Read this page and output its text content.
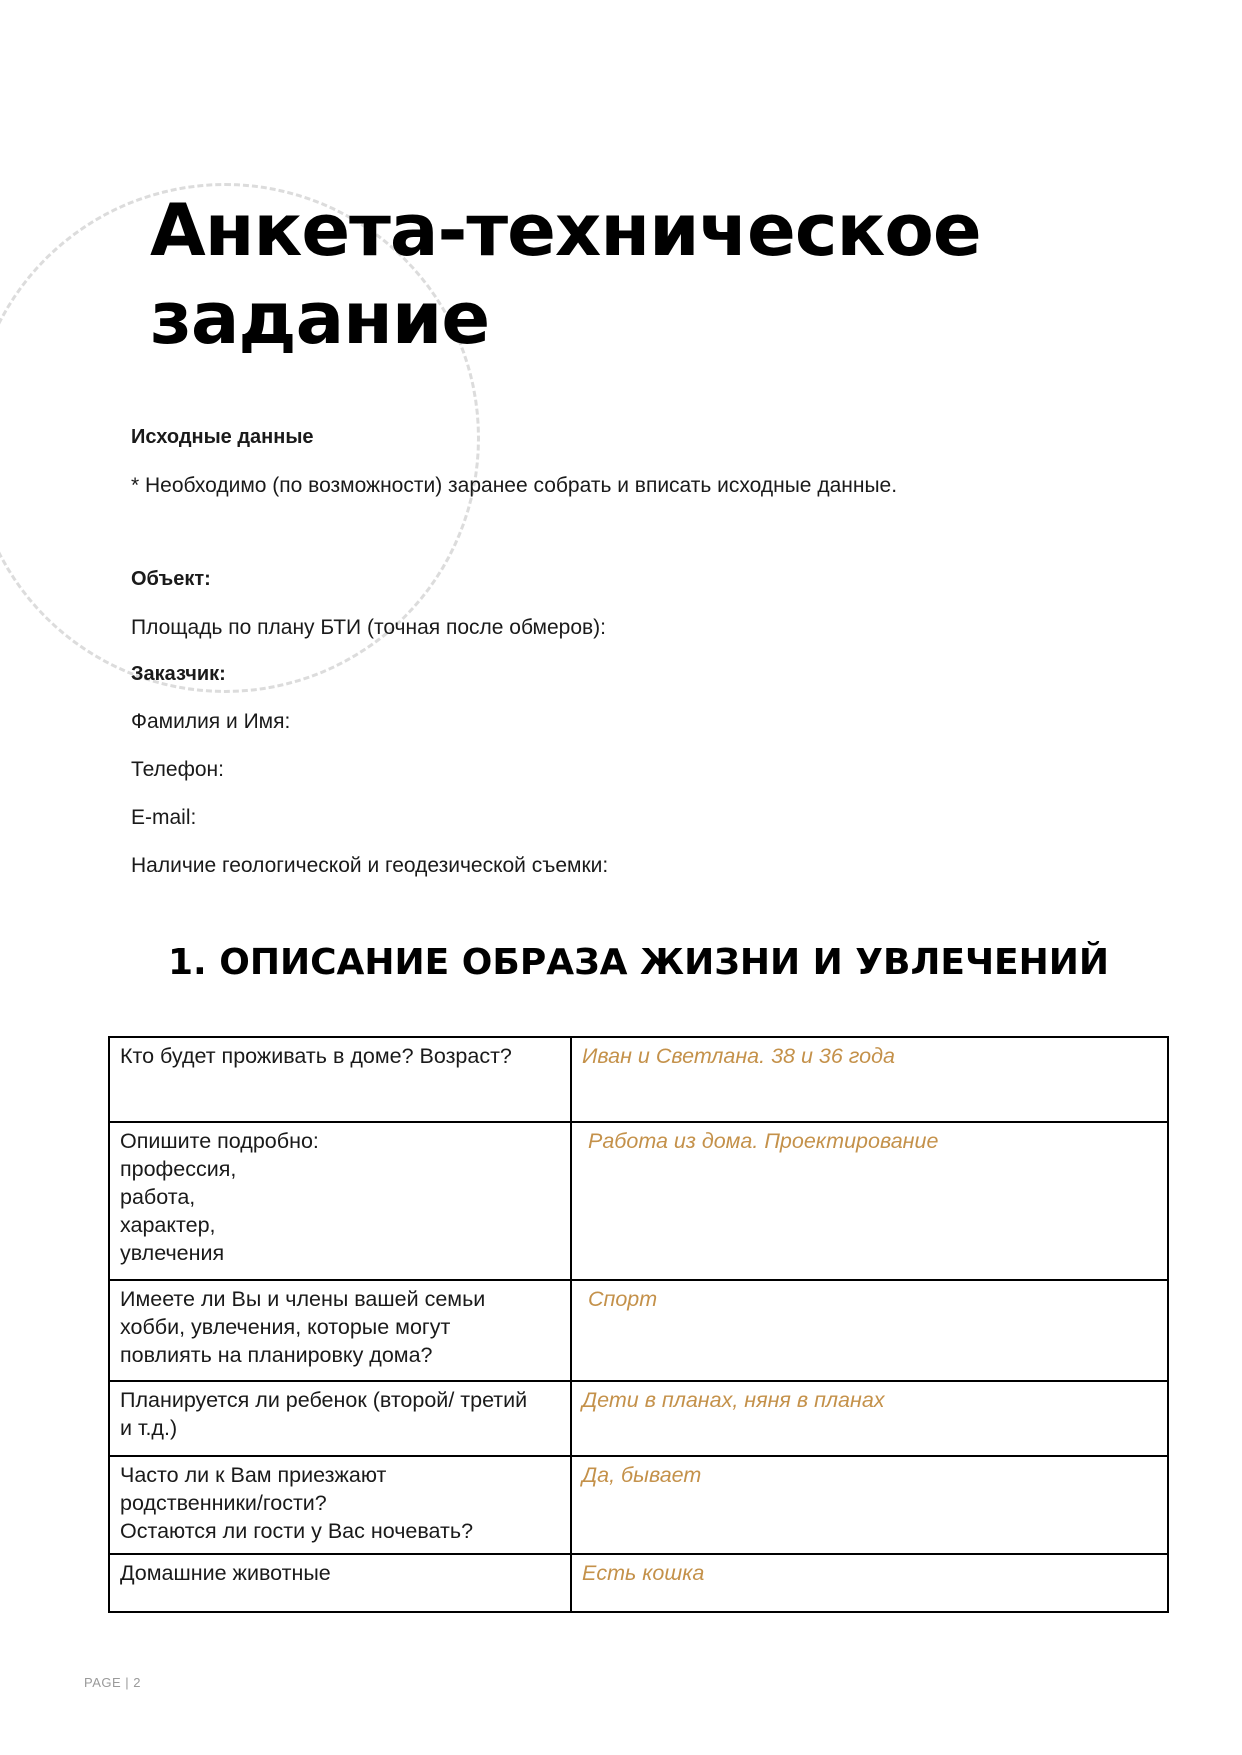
Анкета-техническое
задание
Исходные данные
* Необходимо (по возможности) заранее собрать и вписать исходные данные.
Объект:
Площадь по плану БТИ (точная после обмеров):
Заказчик:
Фамилия и Имя:
Телефон:
E-mail:
Наличие геологической и геодезической съемки:
1. ОПИСАНИЕ ОБРАЗА ЖИЗНИ И УВЛЕЧЕНИЙ
Кто будет проживать в доме? Возраст?	Иван и Светлана. 38 и 36 года

Опишите подробно:
профессия,
работа,
характер,
увлечения	Работа из дома. Проектирование

Имеете ли Вы и члены вашей семьи
хобби, увлечения, которые могут
повлиять на планировку дома?	Спорт

Планируется ли ребенок (второй/ третий
и т.д.)	Дети в планах, няня в планах

Часто ли к Вам приезжают
родственники/гости?
Остаются ли гости у Вас ночевать?	Да, бывает

Домашние животные	Есть кошка
PAGE | 2
